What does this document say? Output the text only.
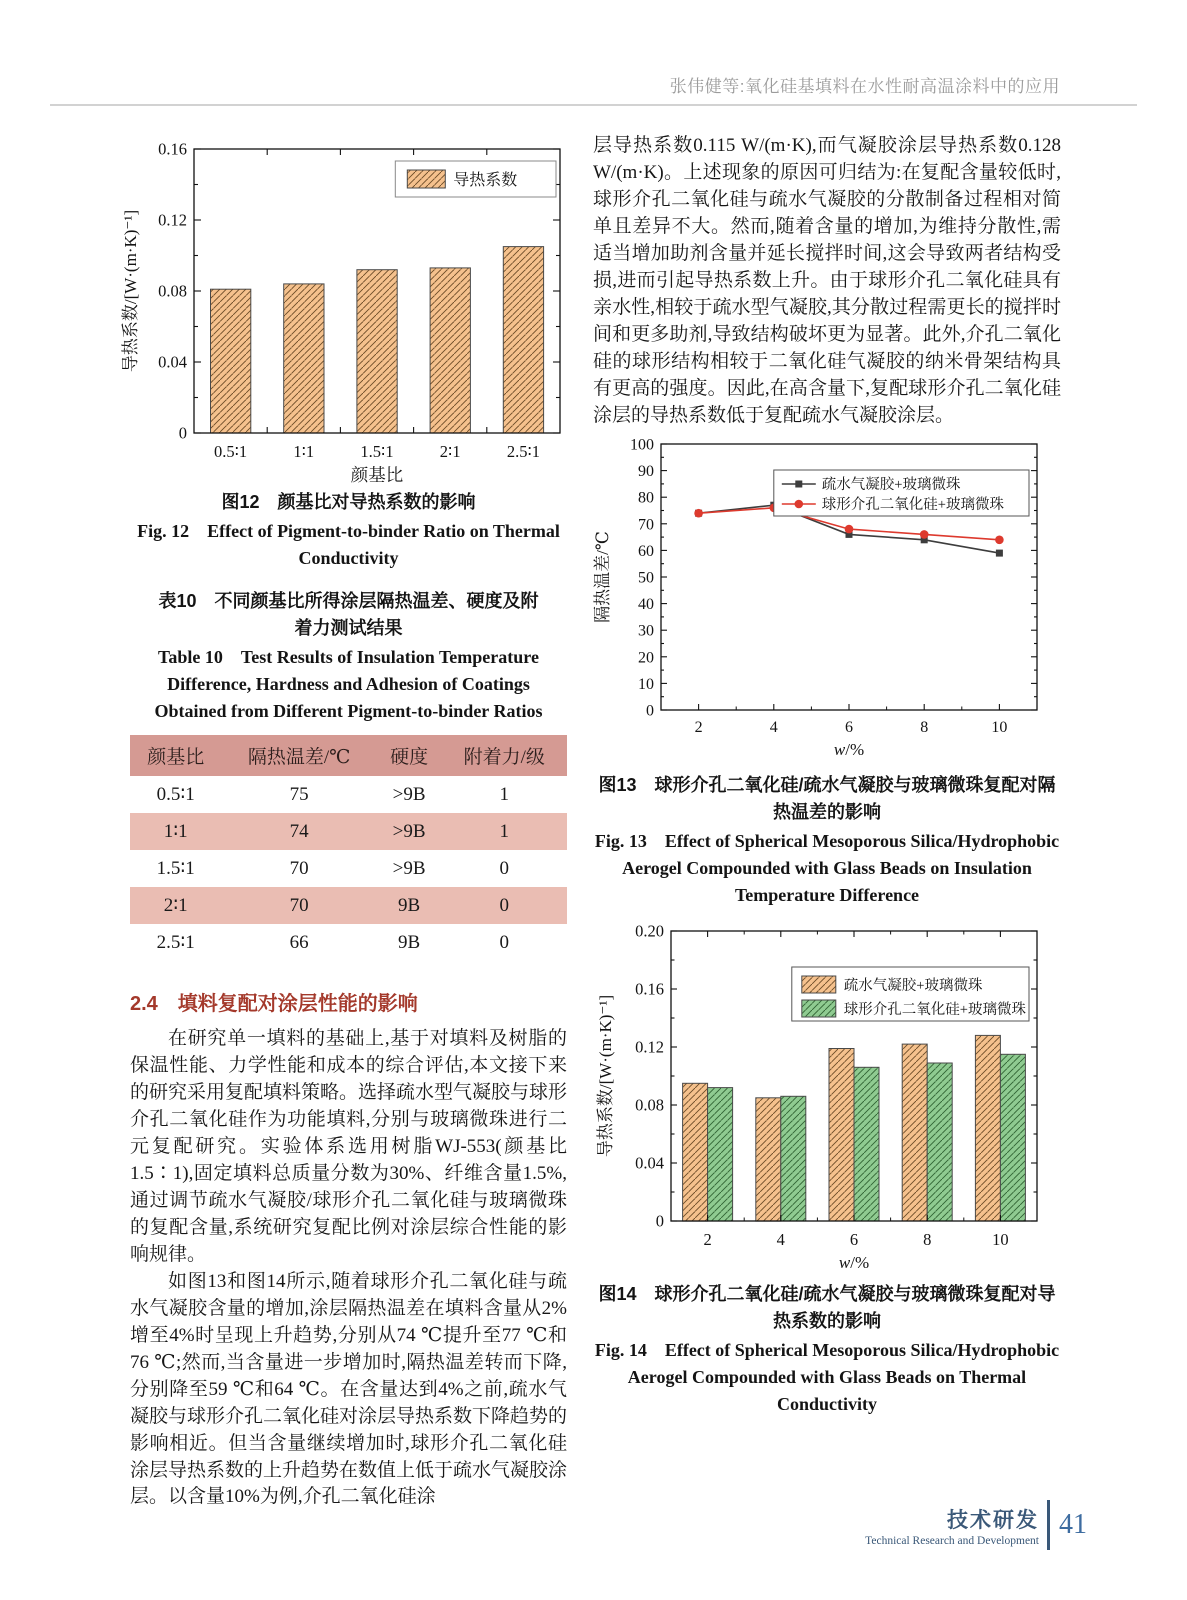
张伟健等:氧化硅基填料在水性耐高温涂料中的应用
0
0.04
0.08
0.12
0.16
0.5∶1	1∶1	1.5∶1	2∶1	2.5∶1
颜基比
导热系数/[W·(m·K)⁻¹]
导热系数
图12　颜基比对导热系数的影响
Fig. 12　Effect of Pigment-to-binder Ratio on Thermal Conductivity
表10　不同颜基比所得涂层隔热温差、硬度及附着力测试结果
Table 10　Test Results of Insulation Temperature Difference, Hardness and Adhesion of Coatings Obtained from Different Pigment-to-binder Ratios
颜基比	隔热温差/℃	硬度	附着力/级
0.5∶1	75	>9B	1
1∶1	74	>9B	1
1.5∶1	70	>9B	0
2∶1	70	9B	0
2.5∶1	66	9B	0
2.4　填料复配对涂层性能的影响

在研究单一填料的基础上,基于对填料及树脂的保温性能、力学性能和成本的综合评估,本文接下来的研究采用复配填料策略。选择疏水型气凝胶与球形介孔二氧化硅作为功能填料,分别与玻璃微珠进行二元复配研究。实验体系选用树脂WJ-553(颜基比1.5∶1),固定填料总质量分数为30%、纤维含量1.5%,通过调节疏水气凝胶/球形介孔二氧化硅与玻璃微珠的复配含量,系统研究复配比例对涂层综合性能的影响规律。

如图13和图14所示,随着球形介孔二氧化硅与疏水气凝胶含量的增加,涂层隔热温差在填料含量从2%增至4%时呈现上升趋势,分别从74 ℃提升至77 ℃和76 ℃;然而,当含量进一步增加时,隔热温差转而下降,分别降至59 ℃和64 ℃。在含量达到4%之前,疏水气凝胶与球形介孔二氧化硅对涂层导热系数下降趋势的影响相近。但当含量继续增加时,球形介孔二氧化硅涂层导热系数的上升趋势在数值上低于疏水气凝胶涂层。以含量10%为例,介孔二氧化硅涂

层导热系数0.115 W/(m·K),而气凝胶涂层导热系数0.128 W/(m·K)。上述现象的原因可归结为:在复配含量较低时,球形介孔二氧化硅与疏水气凝胶的分散制备过程相对简单且差异不大。然而,随着含量的增加,为维持分散性,需适当增加助剂含量并延长搅拌时间,这会导致两者结构受损,进而引起导热系数上升。由于球形介孔二氧化硅具有亲水性,相较于疏水型气凝胶,其分散过程需更长的搅拌时间和更多助剂,导致结构破坏更为显著。此外,介孔二氧化硅的球形结构相较于二氧化硅气凝胶的纳米骨架结构具有更高的强度。因此,在高含量下,复配球形介孔二氧化硅涂层的导热系数低于复配疏水气凝胶涂层。

0
10
20
30
40
50
60
70
80
90
100
2	4	6	8	10
w/%
隔热温差/℃
疏水气凝胶+玻璃微珠
球形介孔二氧化硅+玻璃微珠
图13　球形介孔二氧化硅/疏水气凝胶与玻璃微珠复配对隔热温差的影响
Fig. 13　Effect of Spherical Mesoporous Silica/Hydrophobic Aerogel Compounded with Glass Beads on Insulation Temperature Difference
0
0.04
0.08
0.12
0.16
0.20
2	4	6	8	10
w/%
导热系数/[W·(m·K)⁻¹]
疏水气凝胶+玻璃微珠
球形介孔二氧化硅+玻璃微珠
图14　球形介孔二氧化硅/疏水气凝胶与玻璃微珠复配对导热系数的影响
Fig. 14　Effect of Spherical Mesoporous Silica/Hydrophobic Aerogel Compounded with Glass Beads on Thermal Conductivity
技术研发
Technical Research and Development
41
